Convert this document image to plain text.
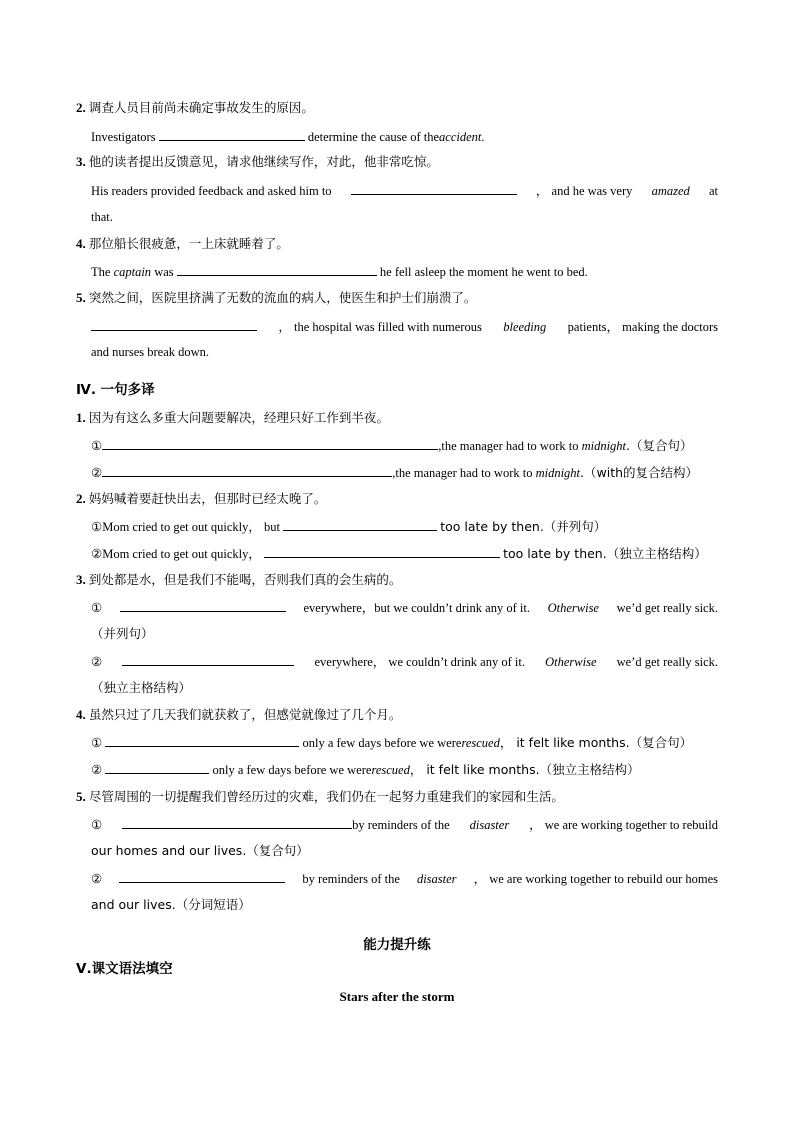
2. 调查人员目前尚未确定事故发生的原因。
Investigators	determine the cause of theaccident.
3. 他的读者提出反馈意见，请求他继续写作，对此，他非常吃惊。
His readers provided feedback and asked him to	， and he was very amazed at
that.
4. 那位船长很疲惫，一上床就睡着了。
The captain was	he fell asleep the moment he went to bed.
5. 突然之间，医院里挤满了无数的流血的病人，使医生和护士们崩溃了。
， the hospital was filled with numerous bleeding patients， making the doctors
and nurses break down.
Ⅳ. 一句多译
1. 因为有这么多重大问题要解决，经理只好工作到半夜。
①	,the manager had to work to midnight.（复合句）
②	,the manager had to work to midnight.（with的复合结构）
2. 妈妈喊着要赶快出去，但那时已经太晚了。
①Mom cried to get out quickly， but	too late by then.（并列句）
②Mom cried to get out quickly，	too late by then.（独立主格结构）
3. 到处都是水，但是我们不能喝，否则我们真的会生病的。
①	everywhere，but we couldn’t drink any of it. Otherwise we’d get really sick.
（并列句）
②	everywhere， we couldn’t drink any of it. Otherwise we’d get really sick.
（独立主格结构）
4. 虽然只过了几天我们就获救了，但感觉就像过了几个月。
①	only a few days before we wererescued， it felt like months.（复合句）
②	only a few days before we wererescued， it felt like months.（独立主格结构）
5. 尽管周围的一切提醒我们曾经历过的灾难，我们仍在一起努力重建我们的家园和生活。
①	by reminders of the disaster ， we are working together to rebuild
our homes and our lives.（复合句）
②	by reminders of the disaster ， we are working together to rebuild our homes
and our lives.（分词短语）
能力提升练
Ⅴ.课文语法填空
Stars after the storm
